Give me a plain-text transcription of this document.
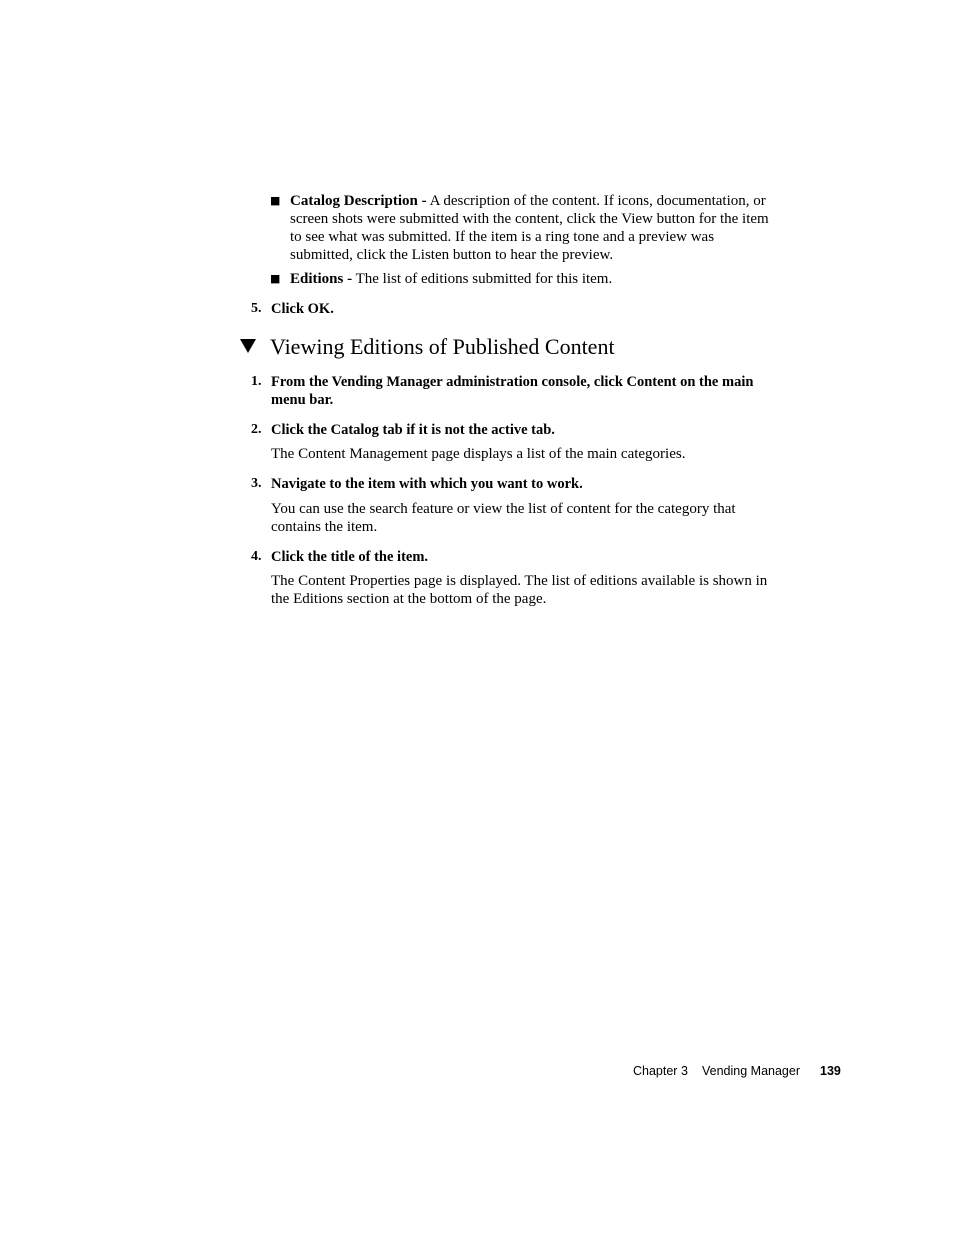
■ Catalog Description - A description of the content. If icons, documentation, or
screen shots were submitted with the content, click the View button for the item
to see what was submitted. If the item is a ring tone and a preview was
submitted, click the Listen button to hear the preview.
■ Editions - The list of editions submitted for this item.
5. Click OK.
Viewing Editions of Published Content
1. From the Vending Manager administration console, click Content on the main
menu bar.
2. Click the Catalog tab if it is not the active tab.
The Content Management page displays a list of the main categories.
3. Navigate to the item with which you want to work.
You can use the search feature or view the list of content for the category that
contains the item.
4. Click the title of the item.
The Content Properties page is displayed. The list of editions available is shown in
the Editions section at the bottom of the page.
Chapter 3 Vending Manager 139
